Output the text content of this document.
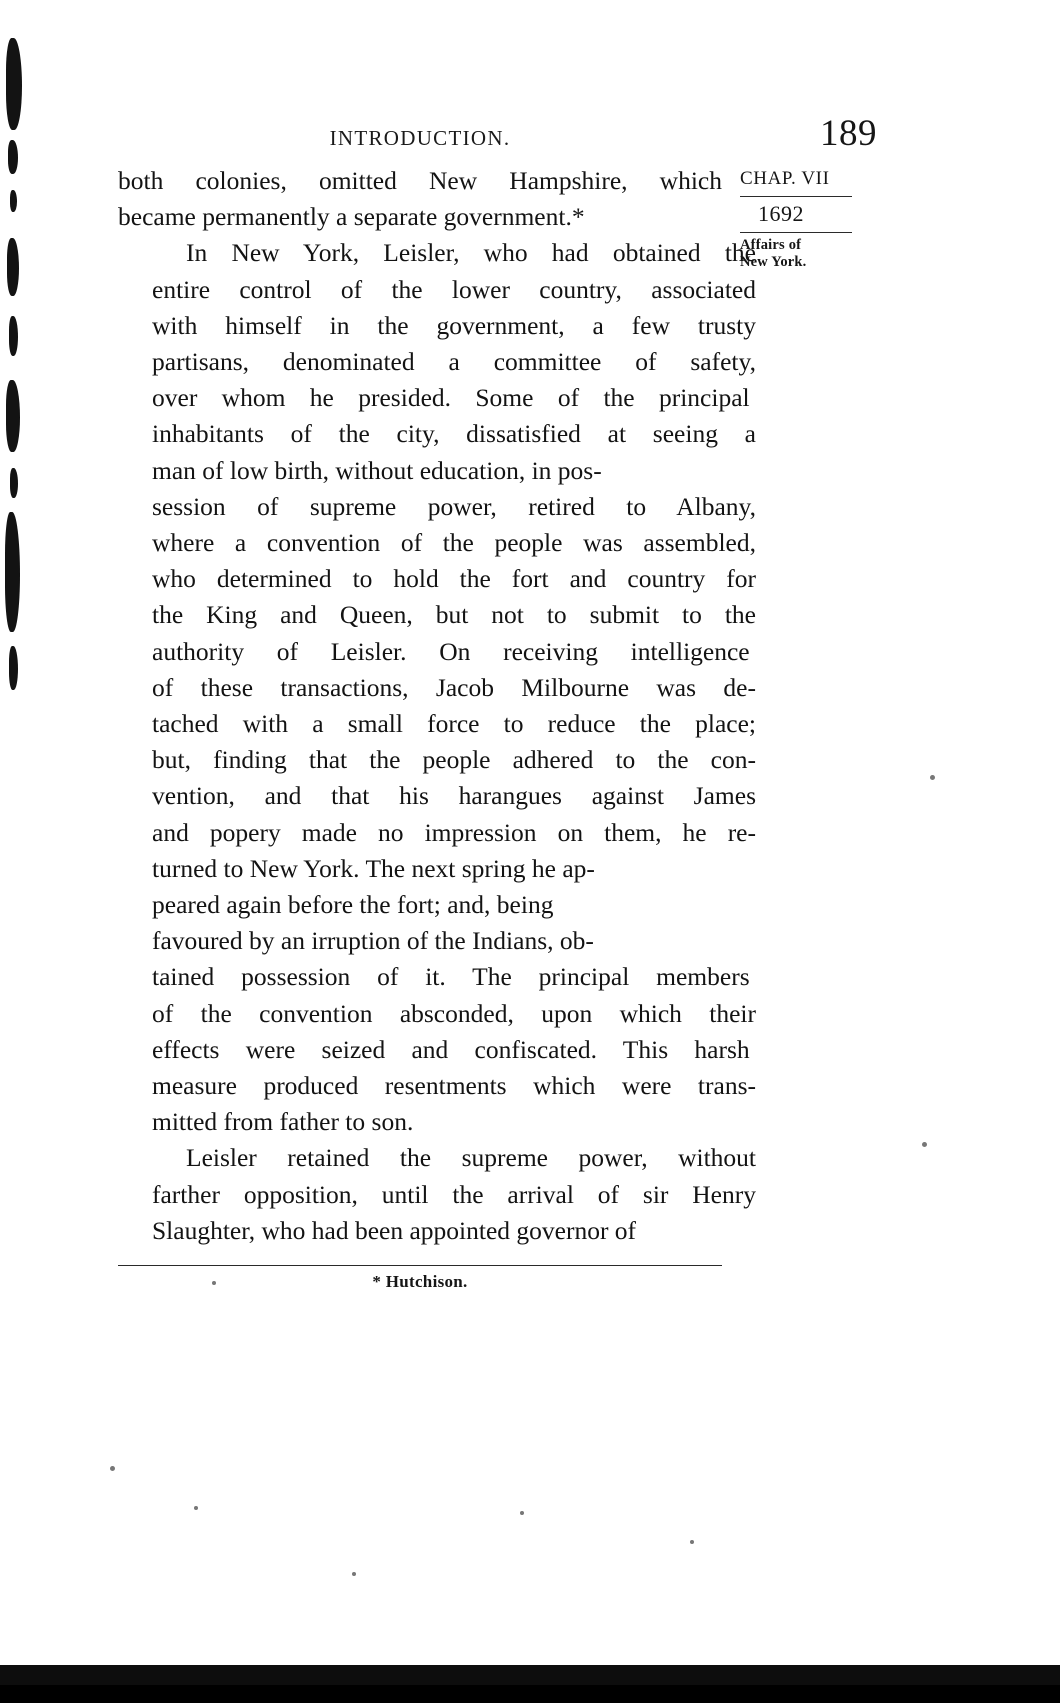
INTRODUCTION.	189
CHAP. VII
1692
Affairs of
New York.

both colonies, omitted New Hampshire, which
became permanently a separate government.*

In New York, Leisler, who had obtained the
entire control of the lower country, associated
with himself in the government, a few trusty
partisans, denominated a committee of safety,
over whom he presided. Some of the principal
inhabitants of the city, dissatisfied at seeing a
man of low birth, without education, in pos-
session of supreme power, retired to Albany,
where a convention of the people was assembled,
who determined to hold the fort and country for
the King and Queen, but not to submit to the
authority of Leisler. On receiving intelligence
of these transactions, Jacob Milbourne was de-
tached with a small force to reduce the place;
but, finding that the people adhered to the con-
vention, and that his harangues against James
and popery made no impression on them, he re-
turned to New York. The next spring he ap-
peared again before the fort; and, being
favoured by an irruption of the Indians, ob-
tained possession of it. The principal members
of the convention absconded, upon which their
effects were seized and confiscated. This harsh
measure produced resentments which were trans-
mitted from father to son.

Leisler retained the supreme power, without
farther opposition, until the arrival of sir Henry
Slaughter, who had been appointed governor of

* Hutchison.
